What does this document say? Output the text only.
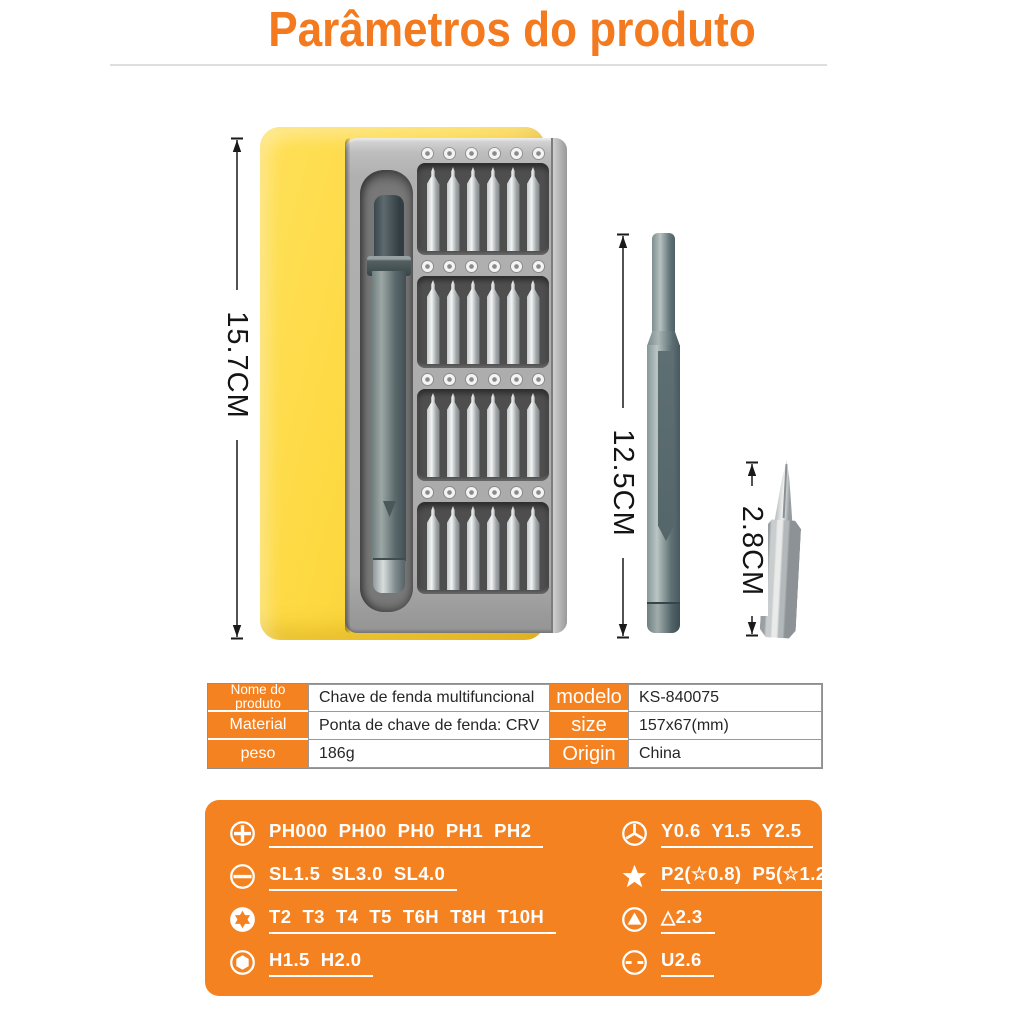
Parâmetros do produto
15.7CM
12.5CM
2.8CM
Nome do produto	Chave de fenda multifuncional	modelo	KS-840075
Material	Ponta de chave de fenda: CRV	size	157x67(mm)
peso	186g	Origin	China
PH000  PH00  PH0  PH1  PH2
SL1.5  SL3.0  SL4.0
T2  T3  T4  T5  T6H  T8H  T10H
H1.5  H2.0
Y0.6  Y1.5  Y2.5
P2(☆0.8)  P5(☆1.2)
△2.3
U2.6
